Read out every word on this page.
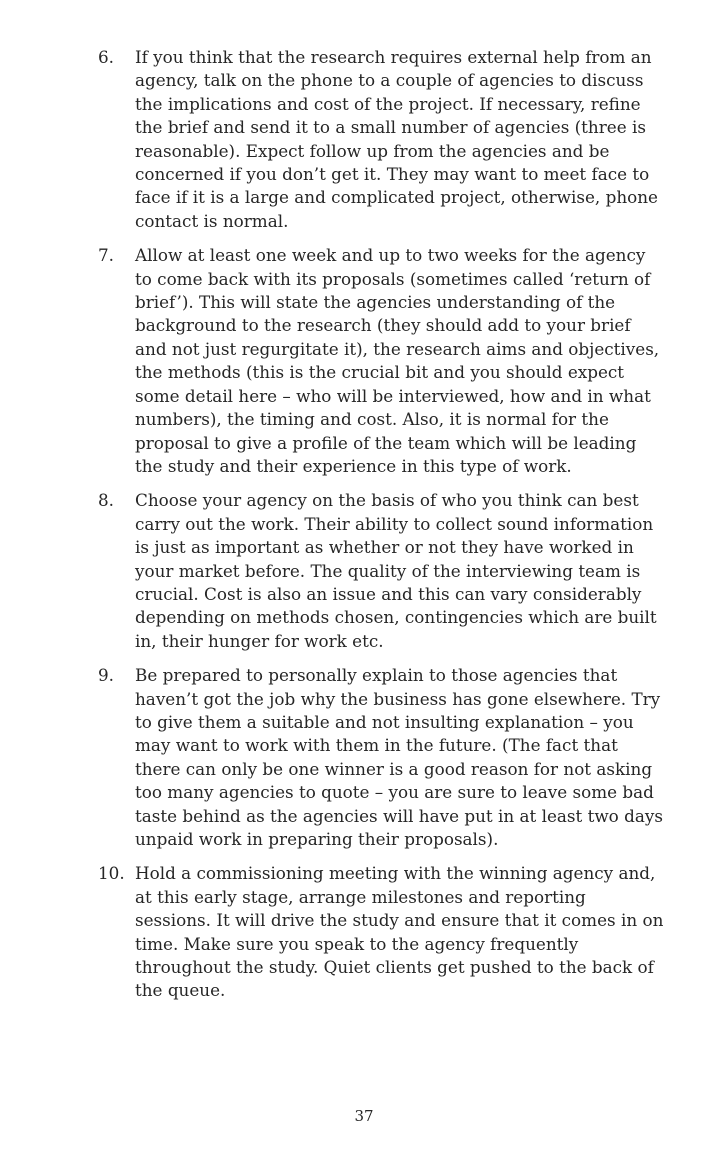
6. If you think that the research requires external help from an agency, talk on the phone to a couple of agencies to discuss the implications and cost of the project. If necessary, refine the brief and send it to a small number of agencies (three is reasonable). Expect follow up from the agencies and be concerned if you don’t get it. They may want to meet face to face if it is a large and complicated project, otherwise, phone contact is normal.
7. Allow at least one week and up to two weeks for the agency to come back with its proposals (sometimes called ‘return of brief’). This will state the agencies understanding of the background to the research (they should add to your brief and not just regurgitate it), the research aims and objectives, the methods (this is the crucial bit and you should expect some detail here – who will be interviewed, how and in what numbers), the timing and cost. Also, it is normal for the proposal to give a profile of the team which will be leading the study and their experience in this type of work.
8. Choose your agency on the basis of who you think can best carry out the work. Their ability to collect sound information is just as important as whether or not they have worked in your market before. The quality of the interviewing team is crucial. Cost is also an issue and this can vary considerably depending on methods chosen, contingencies which are built in, their hunger for work etc.
9. Be prepared to personally explain to those agencies that haven’t got the job why the business has gone elsewhere. Try to give them a suitable and not insulting explanation – you may want to work with them in the future. (The fact that there can only be one winner is a good reason for not asking too many agencies to quote – you are sure to leave some bad taste behind as the agencies will have put in at least two days unpaid work in preparing their proposals).
10. Hold a commissioning meeting with the winning agency and, at this early stage, arrange milestones and reporting sessions. It will drive the study and ensure that it comes in on time. Make sure you speak to the agency frequently throughout the study. Quiet clients get pushed to the back of the queue.
37
